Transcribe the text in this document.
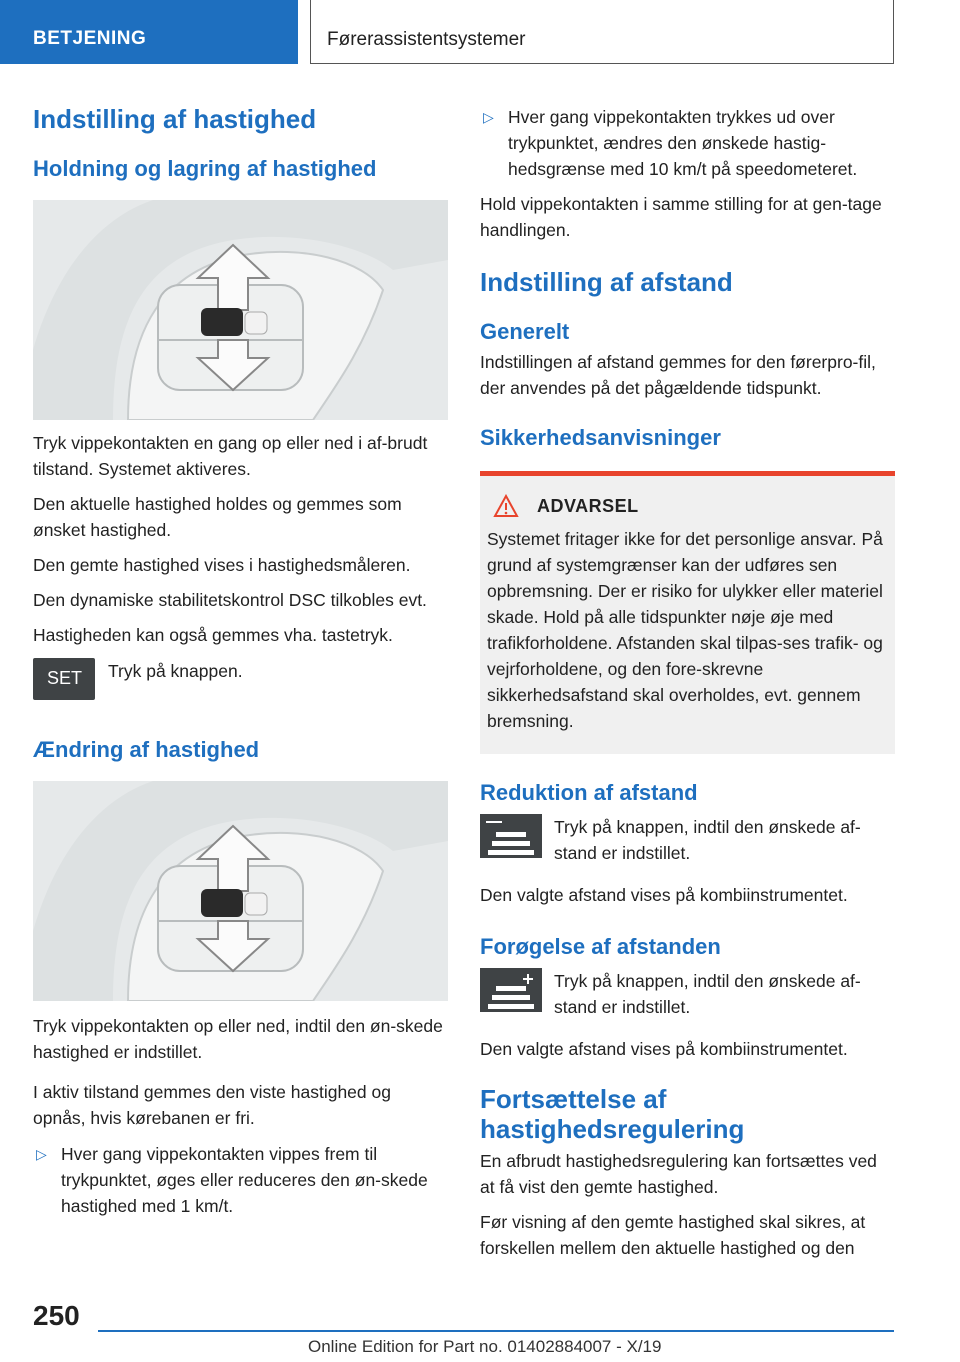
BETJENING	Førerassistentsystemer
Indstilling af hastighed
Holdning og lagring af hastighed

Tryk vippekontakten en gang op eller ned i af-brudt tilstand. Systemet aktiveres.

Den aktuelle hastighed holdes og gemmes som ønsket hastighed.

Den gemte hastighed vises i hastighedsmåleren.

Den dynamiske stabilitetskontrol DSC tilkobles evt.

Hastigheden kan også gemmes vha. tastetryk.

SET Tryk på knappen.

Ændring af hastighed

Tryk vippekontakten op eller ned, indtil den øn-skede hastighed er indstillet.

I aktiv tilstand gemmes den viste hastighed og opnås, hvis kørebanen er fri.

▷ Hver gang vippekontakten vippes frem til trykpunktet, øges eller reduceres den øn-skede hastighed med 1 km/t.
▷ Hver gang vippekontakten trykkes ud over trykpunktet, ændres den ønskede hastig-hedsgrænse med 10 km/t på speedometeret.

Hold vippekontakten i samme stilling for at gen-tage handlingen.

Indstilling af afstand
Generelt

Indstillingen af afstand gemmes for den førerpro-fil, der anvendes på det pågældende tidspunkt.

Sikkerhedsanvisninger
ADVARSEL

Systemet fritager ikke for det personlige ansvar. På grund af systemgrænser kan der udføres sen opbremsning. Der er risiko for ulykker eller materiel skade. Hold på alle tidspunkter nøje øje med trafikforholdene. Afstanden skal tilpas-ses trafik- og vejrforholdene, og den fore-skrevne sikkerhedsafstand skal overholdes, evt. gennem bremsning.

Reduktion af afstand

Tryk på knappen, indtil den ønskede af-stand er indstillet.

Den valgte afstand vises på kombiinstrumentet.

Forøgelse af afstanden

Tryk på knappen, indtil den ønskede af-stand er indstillet.

Den valgte afstand vises på kombiinstrumentet.

Fortsættelse af hastighedsregulering

En afbrudt hastighedsregulering kan fortsættes ved at få vist den gemte hastighed.

Før visning af den gemte hastighed skal sikres, at forskellen mellem den aktuelle hastighed og den

250
Online Edition for Part no. 01402884007 - X/19
